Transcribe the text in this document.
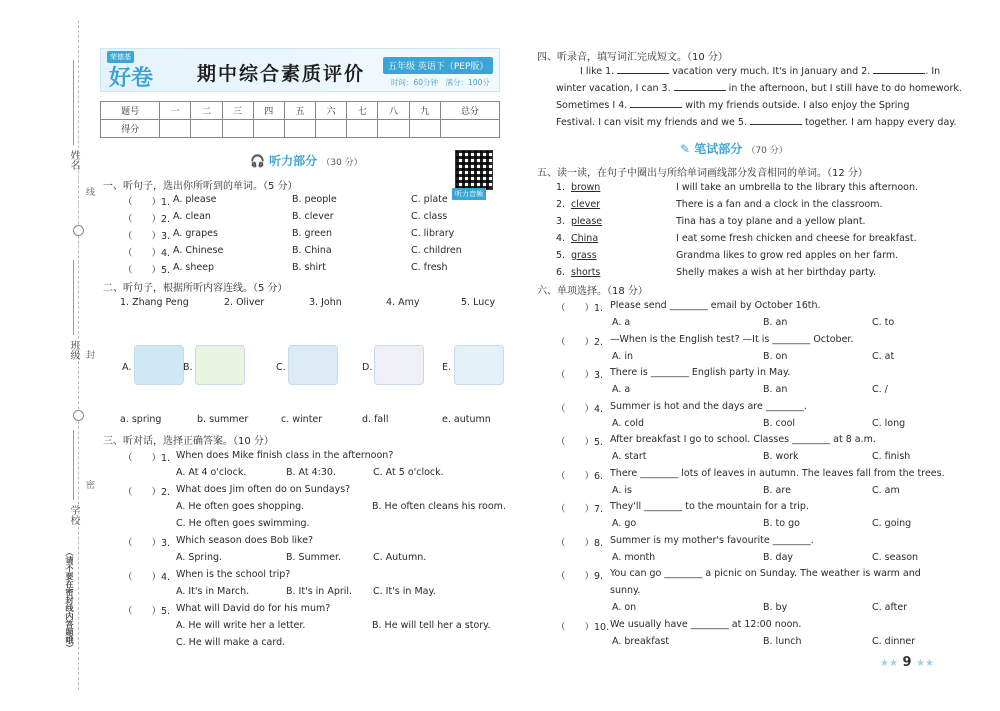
姓名
线
班级 封
学校
密
（请不要在密封线内答题哦）
荣德基
好卷 期中综合素质评价	五年级 英语下（PEP版）
时间：60分钟　满分：100分
题号	一	二	三	四	五	六	七	八	九	总分
得分										
🎧 听力部分 （30 分）
听力音频
一、听句子，选出你所听到的单词。（5 分）
（　　）1. A. please	B. people	C. plate
（　　）2. A. clean	B. clever	C. class
（　　）3. A. grapes	B. green	C. library
（　　）4. A. Chinese	B. China	C. children
（　　）5. A. sheep	B. shirt	C. fresh
二、听句子，根据所听内容连线。（5 分）
1. Zhang Peng	2. Oliver	3. John	4. Amy	5. Lucy
A.	B.	C.	D.	E.
a. spring	b. summer	c. winter	d. fall	e. autumn
三、听对话，选择正确答案。（10 分）
（　　）1. When does Mike finish class in the afternoon?
A. At 4 o'clock.	B. At 4:30.	C. At 5 o'clock.
（　　）2. What does Jim often do on Sundays?
A. He often goes shopping.	B. He often cleans his room.
C. He often goes swimming.
（　　）3. Which season does Bob like?
A. Spring.	B. Summer.	C. Autumn.
（　　）4. When is the school trip?
A. It's in March.	B. It's in April. C. It's in May.
（　　）5. What will David do for his mum?
A. He will write her a letter.	B. He will tell her a story.
C. He will make a card.
四、听录音，填写词汇完成短文。（10 分）
I like 1.	vacation very much. It's in January and 2.	. In
winter vacation, I can 3.	in the afternoon, but I still have to do homework.
Sometimes I 4.	with my friends outside. I also enjoy the Spring
Festival. I can visit my friends and we 5.	together. I am happy every day.
✎ 笔试部分 （70 分）
五、读一读，在句子中圈出与所给单词画线部分发音相同的单词。（12 分）
1. brown	I will take an umbrella to the library this afternoon.
2. clever	There is a fan and a clock in the classroom.
3. please	Tina has a toy plane and a yellow plant.
4. China	I eat some fresh chicken and cheese for breakfast.
5. grass	Grandma likes to grow red apples on her farm.
6. shorts	Shelly makes a wish at her birthday party.
六、单项选择。（18 分）
（　　）1. Please send ________ email by October 16th.
A. a	B. an	C. to
（　　）2. —When is the English test? —It is ________ October.
A. in	B. on	C. at
（　　）3. There is ________ English party in May.
A. a	B. an	C. /
（　　）4. Summer is hot and the days are ________.
A. cold	B. cool	C. long
（　　）5. After breakfast I go to school. Classes ________ at 8 a.m.
A. start	B. work	C. finish
（　　）6. There ________ lots of leaves in autumn. The leaves fall from the trees.
A. is	B. are	C. am
（　　）7. They'll ________ to the mountain for a trip.
A. go	B. to go	C. going
（　　）8. Summer is my mother's favourite ________.
A. month	B. day	C. season
（　　）9. You can go ________ a picnic on Sunday. The weather is warm and
sunny.
A. on	B. by	C. after
（　　）10. We usually have ________ at 12:00 noon.
A. breakfast	B. lunch	C. dinner
★★ 9 ★★
